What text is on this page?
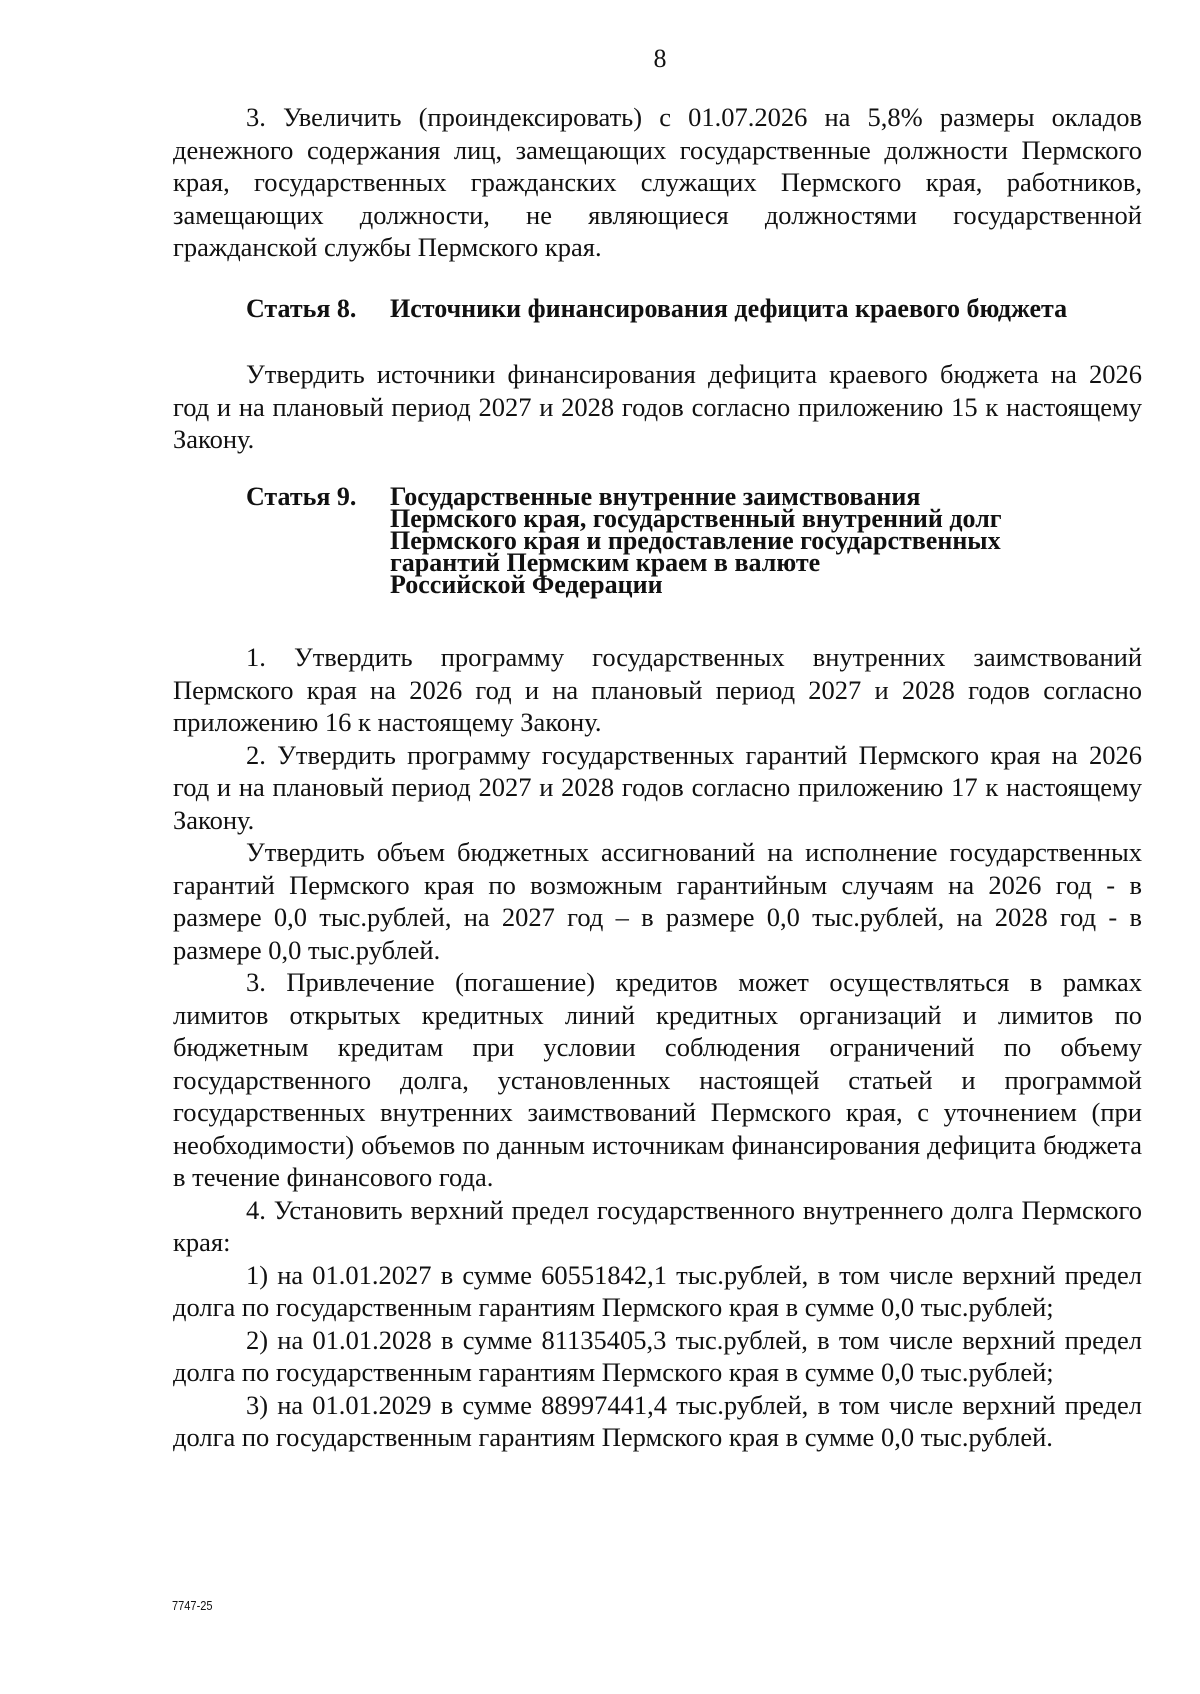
8

3. Увеличить (проиндексировать) с 01.07.2026 на 5,8% размеры окладов денежного содержания лиц, замещающих государственные должности Пермского края, государственных гражданских служащих Пермского края, работников, замещающих должности, не являющиеся должностями государственной гражданской службы Пермского края.

Статья 8.	Источники финансирования дефицита краевого бюджета

Утвердить источники финансирования дефицита краевого бюджета на 2026 год и на плановый период 2027 и 2028 годов согласно приложению 15 к настоящему Закону.

Статья 9.	Государственные внутренние заимствования
Пермского края, государственный внутренний долг
Пермского края и предоставление государственных
гарантий Пермским краем в валюте
Российской Федерации

1. Утвердить программу государственных внутренних заимствований Пермского края на 2026 год и на плановый период 2027 и 2028 годов согласно приложению 16 к настоящему Закону.

2. Утвердить программу государственных гарантий Пермского края на 2026 год и на плановый период 2027 и 2028 годов согласно приложению 17 к настоящему Закону.

Утвердить объем бюджетных ассигнований на исполнение государственных гарантий Пермского края по возможным гарантийным случаям на 2026 год - в размере 0,0 тыс.рублей, на 2027 год – в размере 0,0 тыс.рублей, на 2028 год - в размере 0,0 тыс.рублей.

3. Привлечение (погашение) кредитов может осуществляться в рамках лимитов открытых кредитных линий кредитных организаций и лимитов по бюджетным кредитам при условии соблюдения ограничений по объему государственного долга, установленных настоящей статьей и программой государственных внутренних заимствований Пермского края, с уточнением (при необходимости) объемов по данным источникам финансирования дефицита бюджета в течение финансового года.

4. Установить верхний предел государственного внутреннего долга Пермского края:

1) на 01.01.2027 в сумме 60551842,1 тыс.рублей, в том числе верхний предел долга по государственным гарантиям Пермского края в сумме 0,0 тыс.рублей;

2) на 01.01.2028 в сумме 81135405,3 тыс.рублей, в том числе верхний предел долга по государственным гарантиям Пермского края в сумме 0,0 тыс.рублей;

3) на 01.01.2029 в сумме 88997441,4 тыс.рублей, в том числе верхний предел долга по государственным гарантиям Пермского края в сумме 0,0 тыс.рублей.

7747-25
